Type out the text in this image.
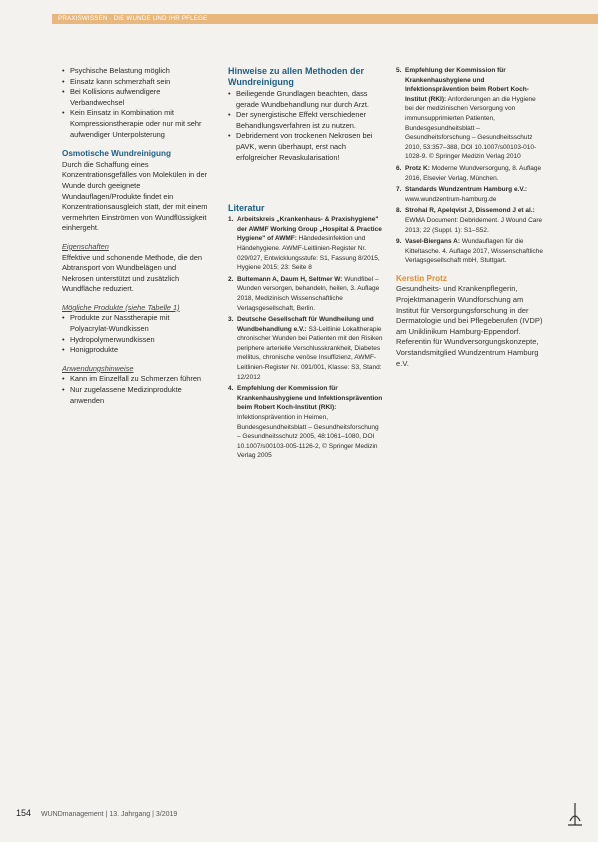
PRAXISWISSEN · DIE WUNDE UND IHR PFLEGE
• Psychische Belastung möglich
• Einsatz kann schmerzhaft sein
• Bei Kollisions aufwendigere Verbandwechsel
• Kein Einsatz in Kombination mit Kompressionstherapie oder nur mit sehr aufwendiger Unterpolsterung
Osmotische Wundreinigung

Durch die Schaffung eines Konzentrationsgefälles von Molekülen in der Wunde durch geeignete Wundauflagen/Produkte findet ein Konzentrationsausgleich statt, der mit einem vermehrten Einströmen von Wundflüssigkeit einhergeht.

Eigenschaften

Effektive und schonende Methode, die den Abtransport von Wundbelägen und Nekrosen unterstützt und zusätzlich Wundfläche reduziert.

Mögliche Produkte (siehe Tabelle 1)
• Produkte zur Nasstherapie mit Polyacrylat-Wundkissen
• Hydropolymerwundkissen
• Honigprodukte
Anwendungshinweise
• Kann im Einzelfall zu Schmerzen führen
• Nur zugelassene Medizinprodukte anwenden
Hinweise zu allen Methoden der Wundreinigung
• Beiliegende Grundlagen beachten, dass gerade Wundbehandlung nur durch Arzt.
• Der synergistische Effekt verschiedener Behandlungsverfahren ist zu nutzen.
• Debridement von trockenen Nekrosen bei pAVK, wenn überhaupt, erst nach erfolgreicher Revaskularisation!
Literatur
1. Arbeitskreis „Krankenhaus- & Praxishygiene" der AWMF Working Group „Hospital & Practice Hygiene" of AWMF: Händedesinfektion und Händehygiene. AWMF-Leitlinien-Register Nr. 029/027, Entwicklungsstufe: S1, Fassung 8/2015, Hygiene 2015; 23: Seite 8
2. Bultemann A, Daum H, Seltmer W: Wundfibel – Wunden versorgen, behandeln, heilen, 3. Auflage 2018, Medizinisch Wissenschaftliche Verlagsgesellschaft, Berlin.
3. Deutsche Gesellschaft für Wundheilung und Wundbehandlung e.V.: S3-Leitlinie Lokaltherapie chronischer Wunden bei Patienten mit den Risiken periphere arterielle Verschlusskrankheit, Diabetes mellitus, chronische venöse Insuffizienz, AWMF-Leitlinien-Register Nr. 091/001, Klasse: S3, Stand: 12/2012
4. Empfehlung der Kommission für Krankenhaushygiene und Infektionsprävention beim Robert Koch-Institut (RKI): Infektionsprävention in Heimen, Bundesgesundheitsblatt – Gesundheitsforschung – Gesundheitsschutz 2005, 48:1061–1080, DOI 10.1007/s00103-005-1126-2, © Springer Medizin Verlag 2005
5. Empfehlung der Kommission für Krankenhaushygiene und Infektionsprävention beim Robert Koch-Institut (RKI): Anforderungen an die Hygiene bei der medizinischen Versorgung von immunsupprimierten Patienten, Bundesgesundheitsblatt – Gesundheitsforschung – Gesundheitsschutz 2010, 53:357–388, DOI 10.1007/s00103-010-1028-9. © Springer Medizin Verlag 2010
6. Protz K: Moderne Wundversorgung, 8. Auflage 2016, Elsevier Verlag, München.
7. Standards Wundzentrum Hamburg e.V.: www.wundzentrum-hamburg.de
8. Strohal R, Apelqvist J, Dissemond J et al.: EWMA Document: Debridement. J Wound Care 2013; 22 (Suppl. 1): S1–S52.
9. Vasel-Biergans A: Wundauflagen für die Kitteltasche. 4. Auflage 2017, Wissenschaftliche Verlagsgesellschaft mbH, Stuttgart.
Kerstin Protz

Gesundheits- und Krankenpflegerin, Projektmanagerin Wundforschung am Institut für Versorgungsforschung in der Dermatologie und bei Pflegeberufen (IVDP) am Uniklinikum Hamburg-Eppendorf. Referentin für Wundversorgungskonzepte, Vorstandsmitglied Wundzentrum Hamburg e.V.

154 WUNDmanagement | 13. Jahrgang | 3/2019
